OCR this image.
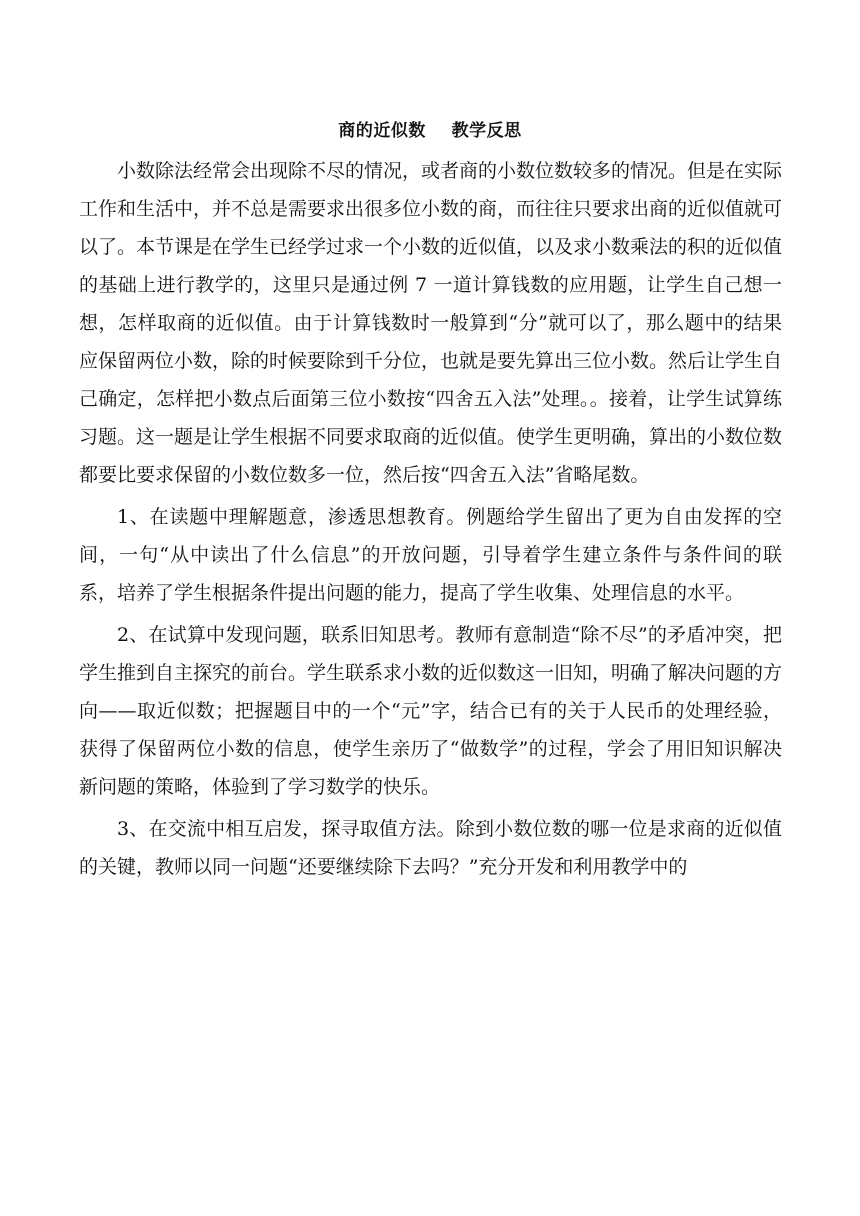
商的近似数    教学反思

小数除法经常会出现除不尽的情况，或者商的小数位数较多的情况。但是在实际工作和生活中，并不总是需要求出很多位小数的商，而往往只要求出商的近似值就可以了。本节课是在学生已经学过求一个小数的近似值，以及求小数乘法的积的近似值的基础上进行教学的，这里只是通过例 7 一道计算钱数的应用题，让学生自己想一想，怎样取商的近似值。由于计算钱数时一般算到“分”就可以了，那么题中的结果应保留两位小数，除的时候要除到千分位，也就是要先算出三位小数。然后让学生自己确定，怎样把小数点后面第三位小数按“四舍五入法”处理。。接着，让学生试算练习题。这一题是让学生根据不同要求取商的近似值。使学生更明确，算出的小数位数都要比要求保留的小数位数多一位，然后按“四舍五入法”省略尾数。

1、在读题中理解题意，渗透思想教育。例题给学生留出了更为自由发挥的空间，一句“从中读出了什么信息”的开放问题，引导着学生建立条件与条件间的联系，培养了学生根据条件提出问题的能力，提高了学生收集、处理信息的水平。

2、在试算中发现问题，联系旧知思考。教师有意制造“除不尽”的矛盾冲突，把学生推到自主探究的前台。学生联系求小数的近似数这一旧知，明确了解决问题的方向——取近似数；把握题目中的一个“元”字，结合已有的关于人民币的处理经验，获得了保留两位小数的信息，使学生亲历了“做数学”的过程，学会了用旧知识解决新问题的策略，体验到了学习数学的快乐。

3、在交流中相互启发，探寻取值方法。除到小数位数的哪一位是求商的近似值的关键，教师以同一问题“还要继续除下去吗？”充分开发和利用教学中的
